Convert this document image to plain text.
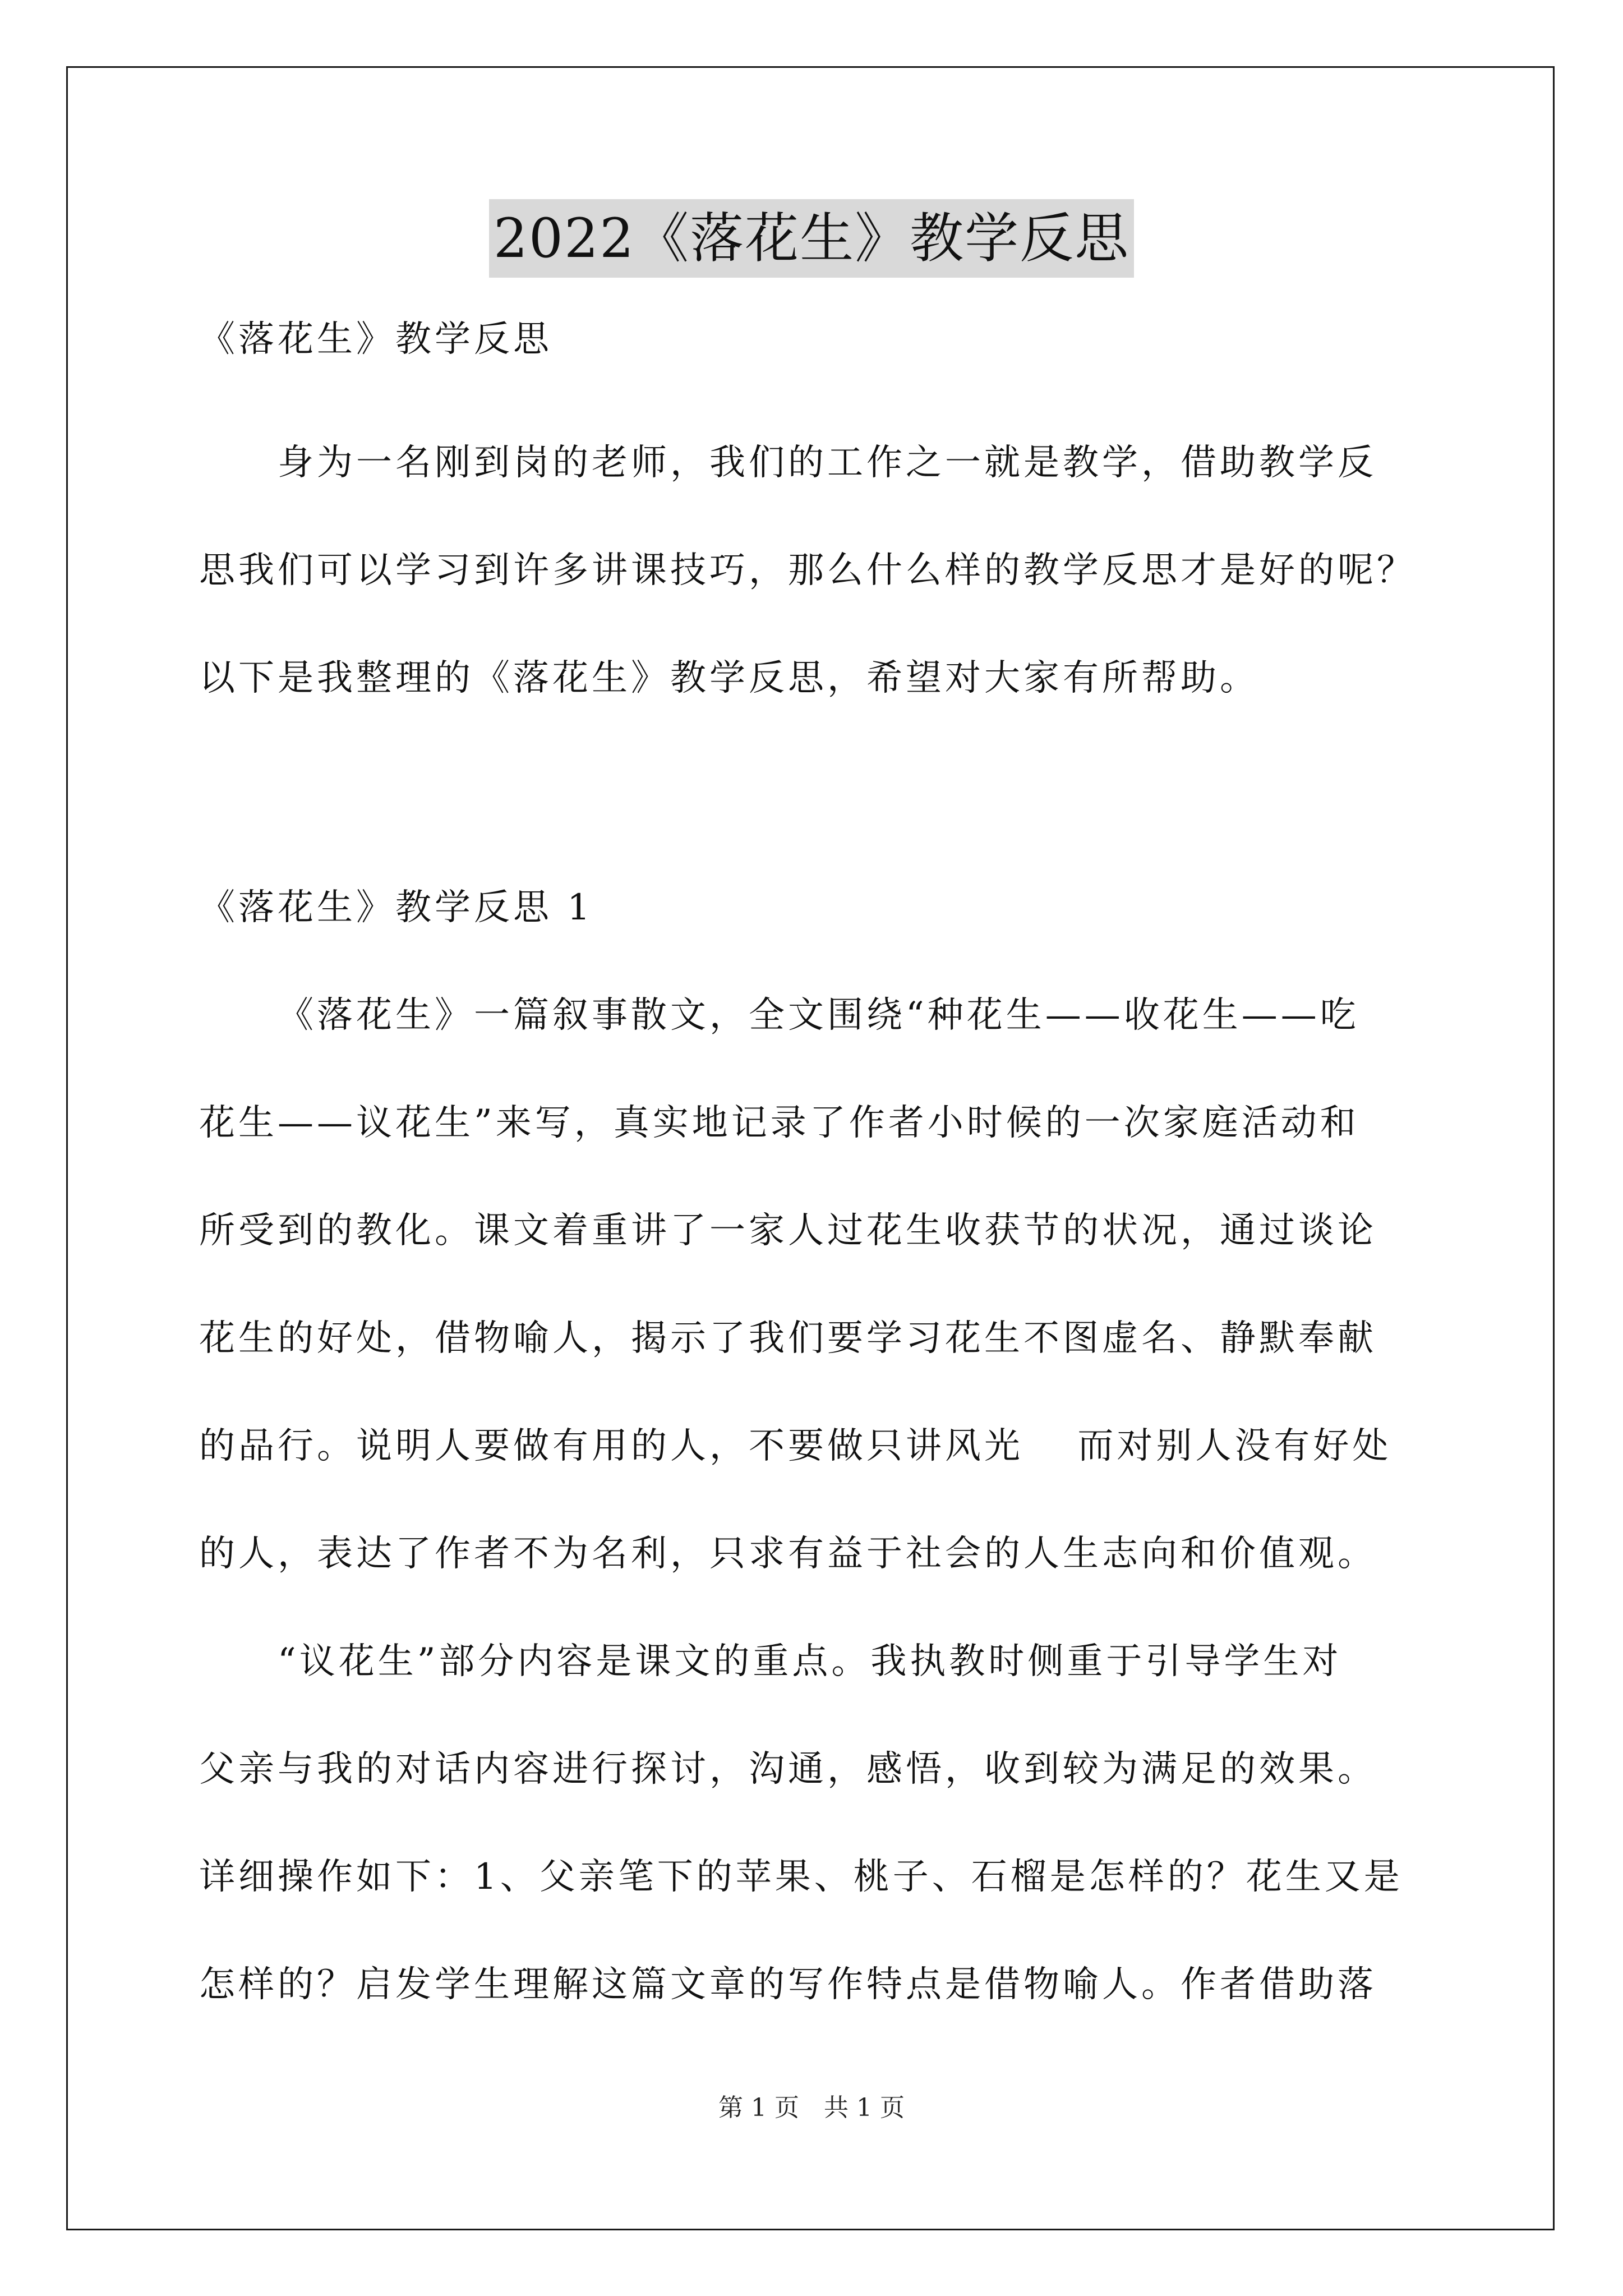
2022《落花生》教学反思
《落花生》教学反思
身为一名刚到岗的老师，我们的工作之一就是教学，借助教学反
思我们可以学习到许多讲课技巧，那么什么样的教学反思才是好的呢？
以下是我整理的《落花生》教学反思，希望对大家有所帮助。
《落花生》教学反思 1
《落花生》一篇叙事散文，全文围绕“种花生——收花生——吃
花生——议花生”来写，真实地记录了作者小时候的一次家庭活动和
所受到的教化。课文着重讲了一家人过花生收获节的状况，通过谈论
花生的好处，借物喻人，揭示了我们要学习花生不图虚名、静默奉献
的品行。说明人要做有用的人，不要做只讲风光　 而对别人没有好处
的人，表达了作者不为名利，只求有益于社会的人生志向和价值观。
“议花生”部分内容是课文的重点。我执教时侧重于引导学生对
父亲与我的对话内容进行探讨，沟通，感悟，收到较为满足的效果。
详细操作如下：1、父亲笔下的苹果、桃子、石榴是怎样的？花生又是
怎样的？启发学生理解这篇文章的写作特点是借物喻人。作者借助落
第 1 页　共 1 页
